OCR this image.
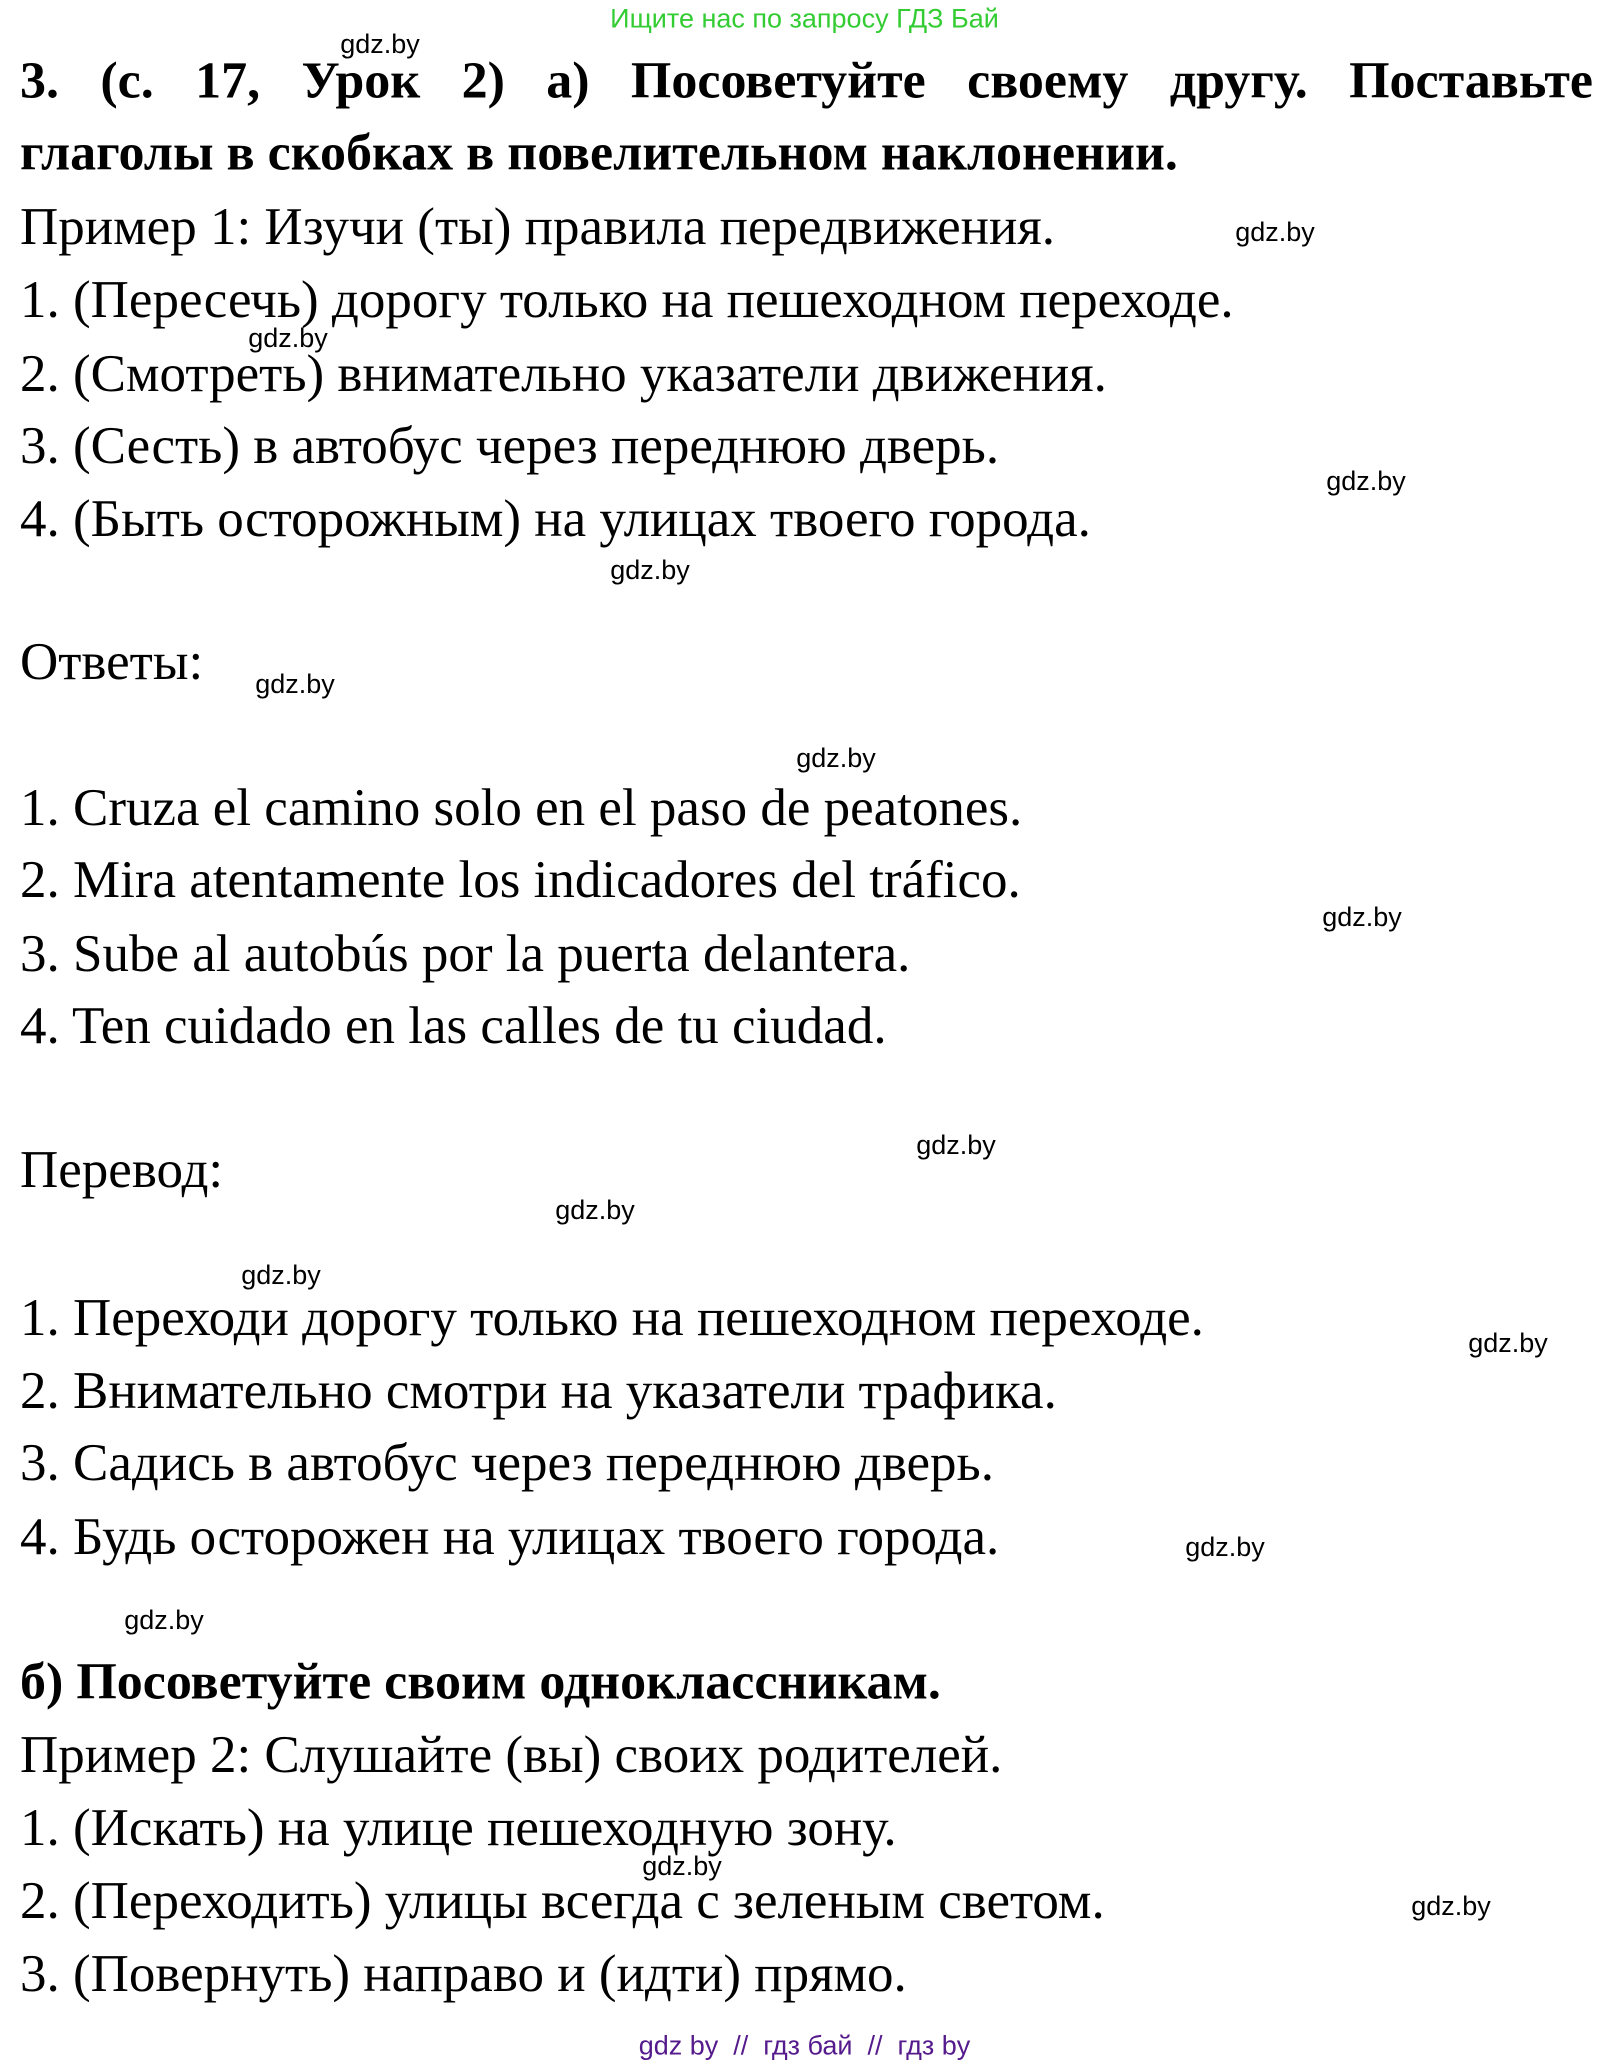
Ищите нас по запросу ГДЗ Бай
3. (с. 17, Урок 2) а) Посоветуйте своему другу. Поставьте
глаголы в скобках в повелительном наклонении.
Пример 1: Изучи (ты) правила передвижения.
1. (Пересечь) дорогу только на пешеходном переходе.
2. (Смотреть) внимательно указатели движения.
3. (Сесть) в автобус через переднюю дверь.
4. (Быть осторожным) на улицах твоего города.
Ответы:
1. Cruza el camino solo en el paso de peatones.
2. Mira atentamente los indicadores del tráfico.
3. Sube al autobús por la puerta delantera.
4. Ten cuidado en las calles de tu ciudad.
Перевод:
1. Переходи дорогу только на пешеходном переходе.
2. Внимательно смотри на указатели трафика.
3. Садись в автобус через переднюю дверь.
4. Будь осторожен на улицах твоего города.
б) Посоветуйте своим одноклассникам.
Пример 2: Слушайте (вы) своих родителей.
1. (Искать) на улице пешеходную зону.
2. (Переходить) улицы всегда с зеленым светом.
3. (Повернуть) направо и (идти) прямо.
gdz.by
gdz.by
gdz.by
gdz.by
gdz.by
gdz.by
gdz.by
gdz.by
gdz.by
gdz.by
gdz.by
gdz.by
gdz.by
gdz.by
gdz.by
gdz.by
gdz by  //  гдз бай  //  гдз by
